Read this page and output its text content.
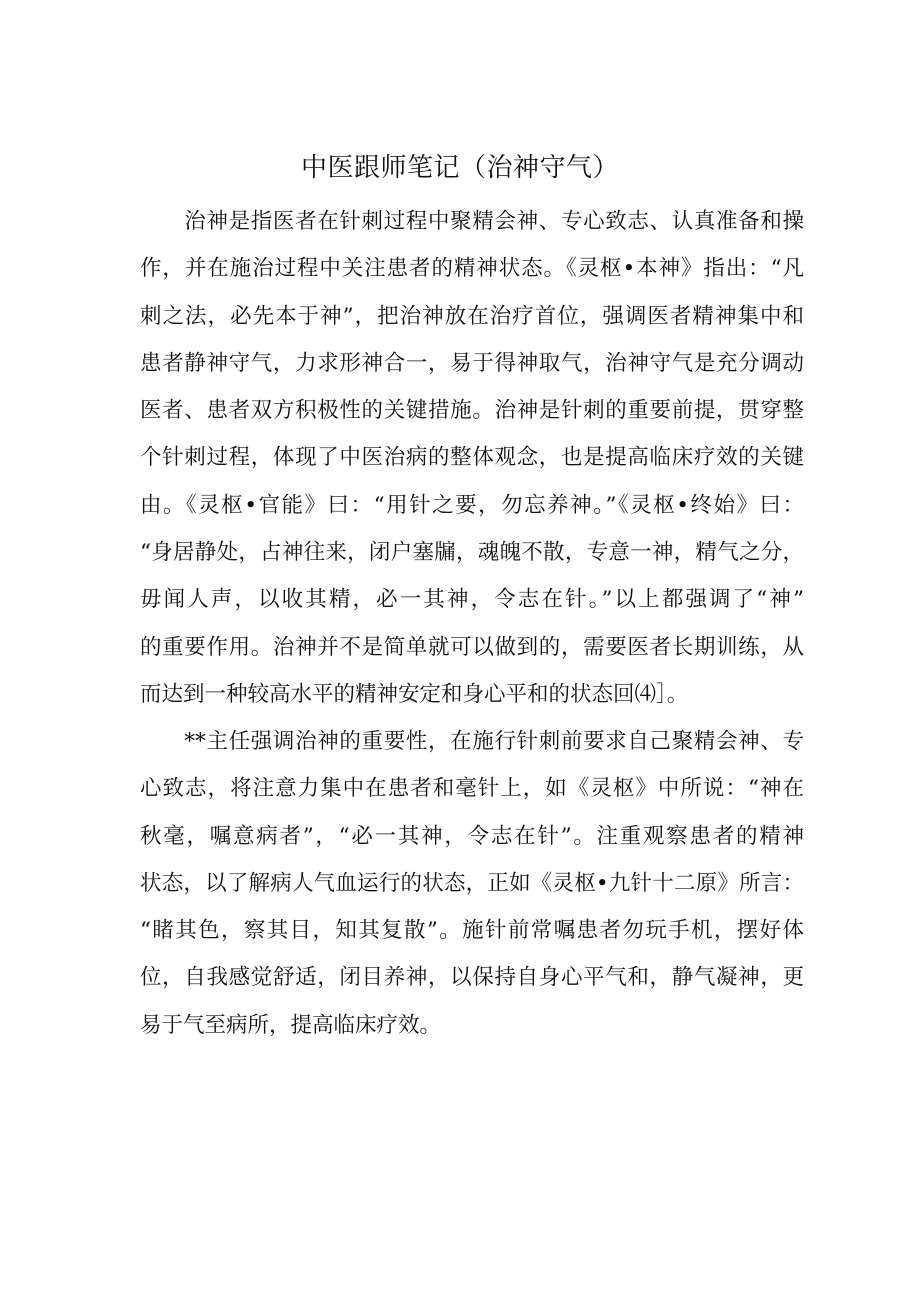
中医跟师笔记（治神守气）
　　治神是指医者在针刺过程中聚精会神、专心致志、认真准备和操
作，并在施治过程中关注患者的精神状态。《灵枢•本神》指出：“凡
刺之法，必先本于神”，把治神放在治疗首位，强调医者精神集中和
患者静神守气，力求形神合一，易于得神取气，治神守气是充分调动
医者、患者双方积极性的关键措施。治神是针刺的重要前提，贯穿整
个针刺过程，体现了中医治病的整体观念，也是提高临床疗效的关键
由。《灵枢•官能》曰：“用针之要，勿忘养神。”《灵枢•终始》曰：
“身居静处，占神往来，闭户塞牖，魂魄不散，专意一神，精气之分，
毋闻人声，以收其精，必一其神，令志在针。”以上都强调了“神”
的重要作用。治神并不是简单就可以做到的，需要医者长期训练，从
而达到一种较高水平的精神安定和身心平和的状态回⑷］。
　　**主任强调治神的重要性，在施行针刺前要求自己聚精会神、专
心致志，将注意力集中在患者和毫针上，如《灵枢》中所说：“神在
秋毫，嘱意病者”，“必一其神，令志在针”。注重观察患者的精神
状态，以了解病人气血运行的状态，正如《灵枢•九针十二原》所言：
“睹其色，察其目，知其复散”。施针前常嘱患者勿玩手机，摆好体
位，自我感觉舒适，闭目养神，以保持自身心平气和，静气凝神，更
易于气至病所，提高临床疗效。
